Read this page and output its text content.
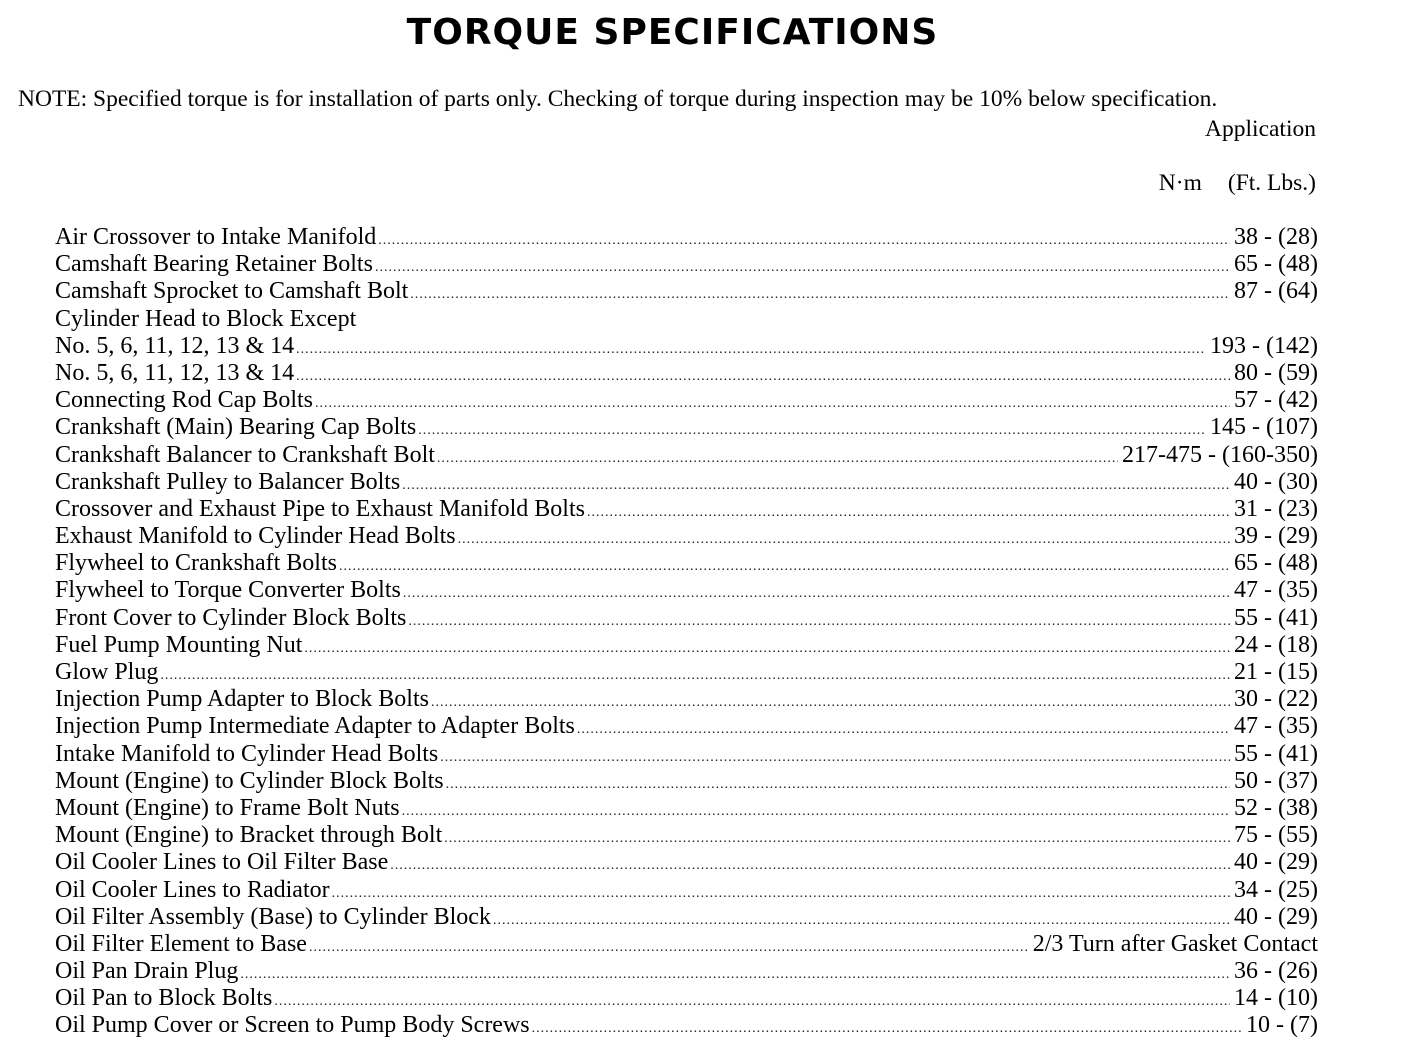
TORQUE SPECIFICATIONS
NOTE: Specified torque is for installation of parts only. Checking of torque during inspection may be 10% below specification.
Application
N·m (Ft. Lbs.)
Air Crossover to Intake Manifold .....	38 - (28)
Camshaft Bearing Retainer Bolts .....	65 - (48)
Camshaft Sprocket to Camshaft Bolt .....	87 - (64)
Cylinder Head to Block Except
No. 5, 6, 11, 12, 13 & 14 .....	193 - (142)
No. 5, 6, 11, 12, 13 & 14 .....	80 - (59)
Connecting Rod Cap Bolts .....	57 - (42)
Crankshaft (Main) Bearing Cap Bolts .....	145 - (107)
Crankshaft Balancer to Crankshaft Bolt .....	217-475 - (160-350)
Crankshaft Pulley to Balancer Bolts .....	40 - (30)
Crossover and Exhaust Pipe to Exhaust Manifold Bolts .....	31 - (23)
Exhaust Manifold to Cylinder Head Bolts .....	39 - (29)
Flywheel to Crankshaft Bolts .....	65 - (48)
Flywheel to Torque Converter Bolts .....	47 - (35)
Front Cover to Cylinder Block Bolts .....	55 - (41)
Fuel Pump Mounting Nut .....	24 - (18)
Glow Plug .....	21 - (15)
Injection Pump Adapter to Block Bolts .....	30 - (22)
Injection Pump Intermediate Adapter to Adapter Bolts .....	47 - (35)
Intake Manifold to Cylinder Head Bolts .....	55 - (41)
Mount (Engine) to Cylinder Block Bolts .....	50 - (37)
Mount (Engine) to Frame Bolt Nuts .....	52 - (38)
Mount (Engine) to Bracket through Bolt .....	75 - (55)
Oil Cooler Lines to Oil Filter Base .....	40 - (29)
Oil Cooler Lines to Radiator .....	34 - (25)
Oil Filter Assembly (Base) to Cylinder Block .....	40 - (29)
Oil Filter Element to Base .....	2/3 Turn after Gasket Contact
Oil Pan Drain Plug .....	36 - (26)
Oil Pan to Block Bolts .....	14 - (10)
Oil Pump Cover or Screen to Pump Body Screws .....	10 - (7)
